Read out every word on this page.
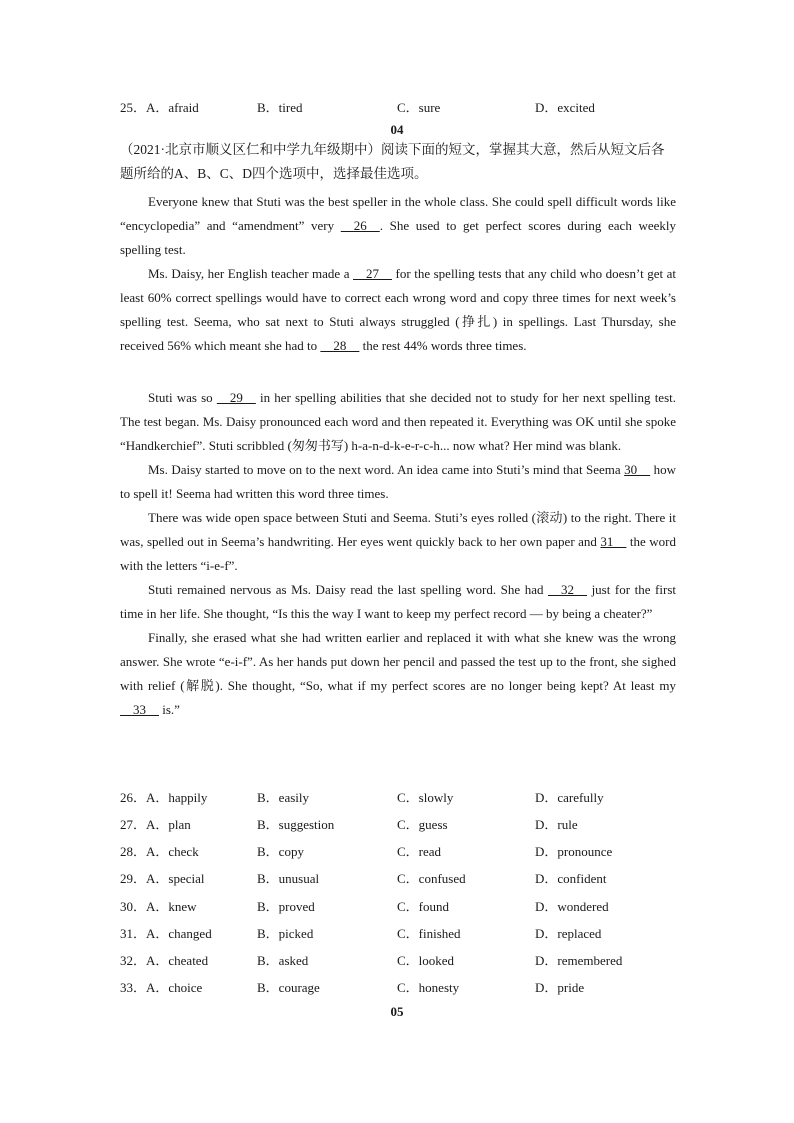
25．A．afraid	B．tired	C．sure	D．excited
04
（2021·北京市顺义区仁和中学九年级期中）阅读下面的短文，掌握其大意，然后从短文后各题所给的A、B、C、D四个选项中，选择最佳选项。

Everyone knew that Stuti was the best speller in the whole class. She could spell difficult words like “encyclopedia” and “amendment” very     26    . She used to get perfect scores during each weekly spelling test.

Ms. Daisy, her English teacher made a     27     for the spelling tests that any child who doesn’t get at least 60% correct spellings would have to correct each wrong word and copy three times for next week’s spelling test. Seema, who sat next to Stuti always struggled (挣扎) in spellings. Last Thursday, she received 56% which meant she had to     28     the rest 44% words three times.

Stuti was so     29     in her spelling abilities that she decided not to study for her next spelling test. The test began. Ms. Daisy pronounced each word and then repeated it. Everything was OK until she spoke “Handkerchief”. Stuti scribbled (匆匆书写) h-a-n-d-k-e-r-c-h... now what? Her mind was blank.

Ms. Daisy started to move on to the next word. An idea came into Stuti’s mind that Seema 30     how to spell it! Seema had written this word three times.

There was wide open space between Stuti and Seema. Stuti’s eyes rolled (滚动) to the right. There it was, spelled out in Seema’s handwriting. Her eyes went quickly back to her own paper and 31     the word with the letters “i-e-f”.

Stuti remained nervous as Ms. Daisy read the last spelling word. She had     32     just for the first time in her life. She thought, “Is this the way I want to keep my perfect record — by being a cheater?”

Finally, she erased what she had written earlier and replaced it with what she knew was the wrong answer. She wrote “e-i-f”. As her hands put down her pencil and passed the test up to the front, she sighed with relief (解脱). She thought, “So, what if my perfect scores are no longer being kept? At least my     33     is.”

26．A．happily	B．easily	C．slowly	D．carefully
27．A．plan	B．suggestion	C．guess	D．rule
28．A．check	B．copy	C．read	D．pronounce
29．A．special	B．unusual	C．confused	D．confident
30．A．knew	B．proved	C．found	D．wondered
31．A．changed	B．picked	C．finished	D．replaced
32．A．cheated	B．asked	C．looked	D．remembered
33．A．choice	B．courage	C．honesty	D．pride
05
